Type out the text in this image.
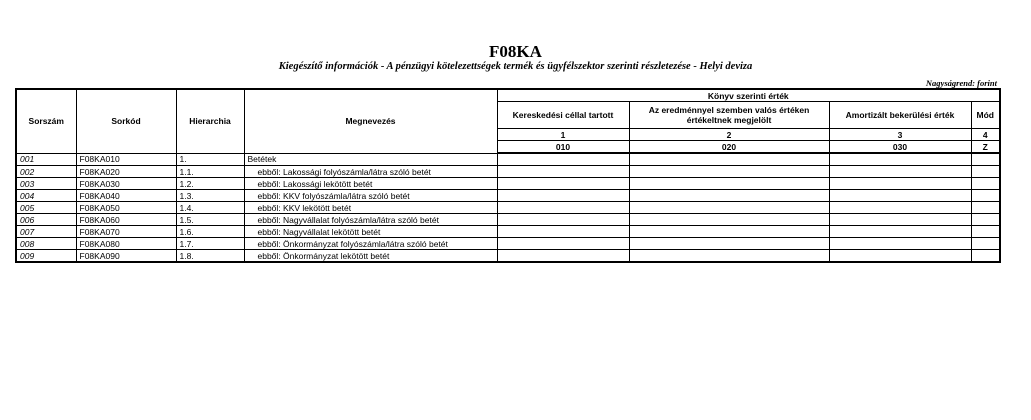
F08KA
Kiegészítő információk - A pénzügyi kötelezettségek termék és ügyfélszektor szerinti részletezése - Helyi deviza
Nagyságrend: forint
Sorszám	Sorkód	Hierarchia	Megnevezés	Könyv szerinti érték			
				Kereskedési céllal tartott	Az eredménnyel szemben valós értéken értékeltnek megjelölt	Amortizált bekerülési érték	Mód
				1	2	3	4
				010	020	030	Z
001	F08KA010	1.	Betétek				
002	F08KA020	1.1.	ebből: Lakossági folyószámla/látra szóló betét				
003	F08KA030	1.2.	ebből: Lakossági lekötött betét				
004	F08KA040	1.3.	ebből: KKV folyószámla/látra szóló betét				
005	F08KA050	1.4.	ebből: KKV lekötött betét				
006	F08KA060	1.5.	ebből: Nagyvállalat folyószámla/látra szóló betét				
007	F08KA070	1.6.	ebből: Nagyvállalat lekötött betét				
008	F08KA080	1.7.	ebből: Önkormányzat folyószámla/látra szóló betét				
009	F08KA090	1.8.	ebből: Önkormányzat lekötött betét				
